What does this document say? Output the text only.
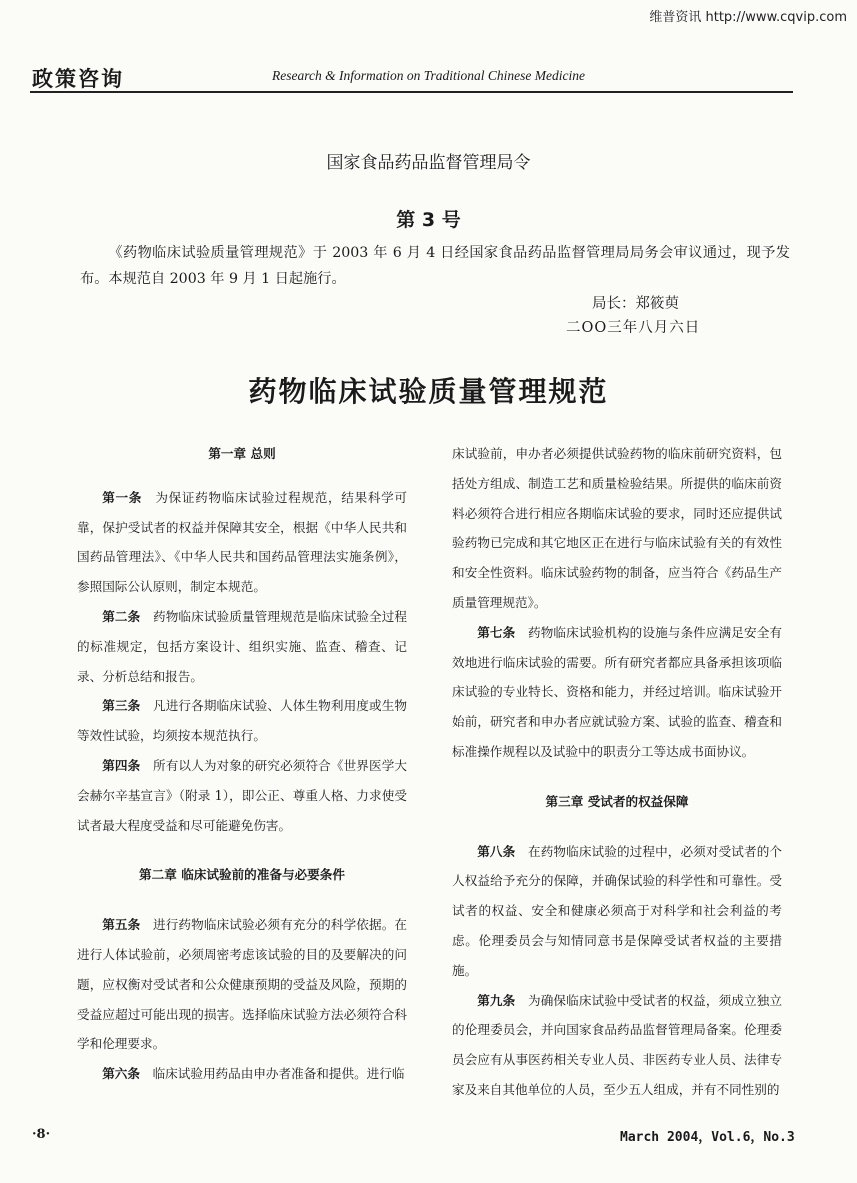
维普资讯 http://www.cqvip.com
政策咨询	Research & Information on Traditional Chinese Medicine
国家食品药品监督管理局令
第 3 号

《药物临床试验质量管理规范》于 2003 年 6 月 4 日经国家食品药品监督管理局局务会审议通过，现予发布。本规范自 2003 年 9 月 1 日起施行。

局长：郑筱萸
二OO三年八月六日
药物临床试验质量管理规范

第一章 总则

第一条  为保证药物临床试验过程规范，结果科学可靠，保护受试者的权益并保障其安全，根据《中华人民共和国药品管理法》、《中华人民共和国药品管理法实施条例》，参照国际公认原则，制定本规范。

第二条  药物临床试验质量管理规范是临床试验全过程的标准规定，包括方案设计、组织实施、监查、稽查、记录、分析总结和报告。

第三条  凡进行各期临床试验、人体生物利用度或生物等效性试验，均须按本规范执行。

第四条  所有以人为对象的研究必须符合《世界医学大会赫尔辛基宣言》（附录 1），即公正、尊重人格、力求使受试者最大程度受益和尽可能避免伤害。

第二章 临床试验前的准备与必要条件

第五条  进行药物临床试验必须有充分的科学依据。在进行人体试验前，必须周密考虑该试验的目的及要解决的问题，应权衡对受试者和公众健康预期的受益及风险，预期的受益应超过可能出现的损害。选择临床试验方法必须符合科学和伦理要求。

第六条  临床试验用药品由申办者准备和提供。进行临

床试验前，申办者必须提供试验药物的临床前研究资料，包括处方组成、制造工艺和质量检验结果。所提供的临床前资料必须符合进行相应各期临床试验的要求，同时还应提供试验药物已完成和其它地区正在进行与临床试验有关的有效性和安全性资料。临床试验药物的制备，应当符合《药品生产质量管理规范》。

第七条  药物临床试验机构的设施与条件应满足安全有效地进行临床试验的需要。所有研究者都应具备承担该项临床试验的专业特长、资格和能力，并经过培训。临床试验开始前，研究者和申办者应就试验方案、试验的监查、稽查和标准操作规程以及试验中的职责分工等达成书面协议。

第三章 受试者的权益保障

第八条  在药物临床试验的过程中，必须对受试者的个人权益给予充分的保障，并确保试验的科学性和可靠性。受试者的权益、安全和健康必须高于对科学和社会利益的考虑。伦理委员会与知情同意书是保障受试者权益的主要措施。

第九条  为确保临床试验中受试者的权益，须成立独立的伦理委员会，并向国家食品药品监督管理局备案。伦理委员会应有从事医药相关专业人员、非医药专业人员、法律专家及来自其他单位的人员，至少五人组成，并有不同性别的

·8·	March 2004，Vol.6，No.3
